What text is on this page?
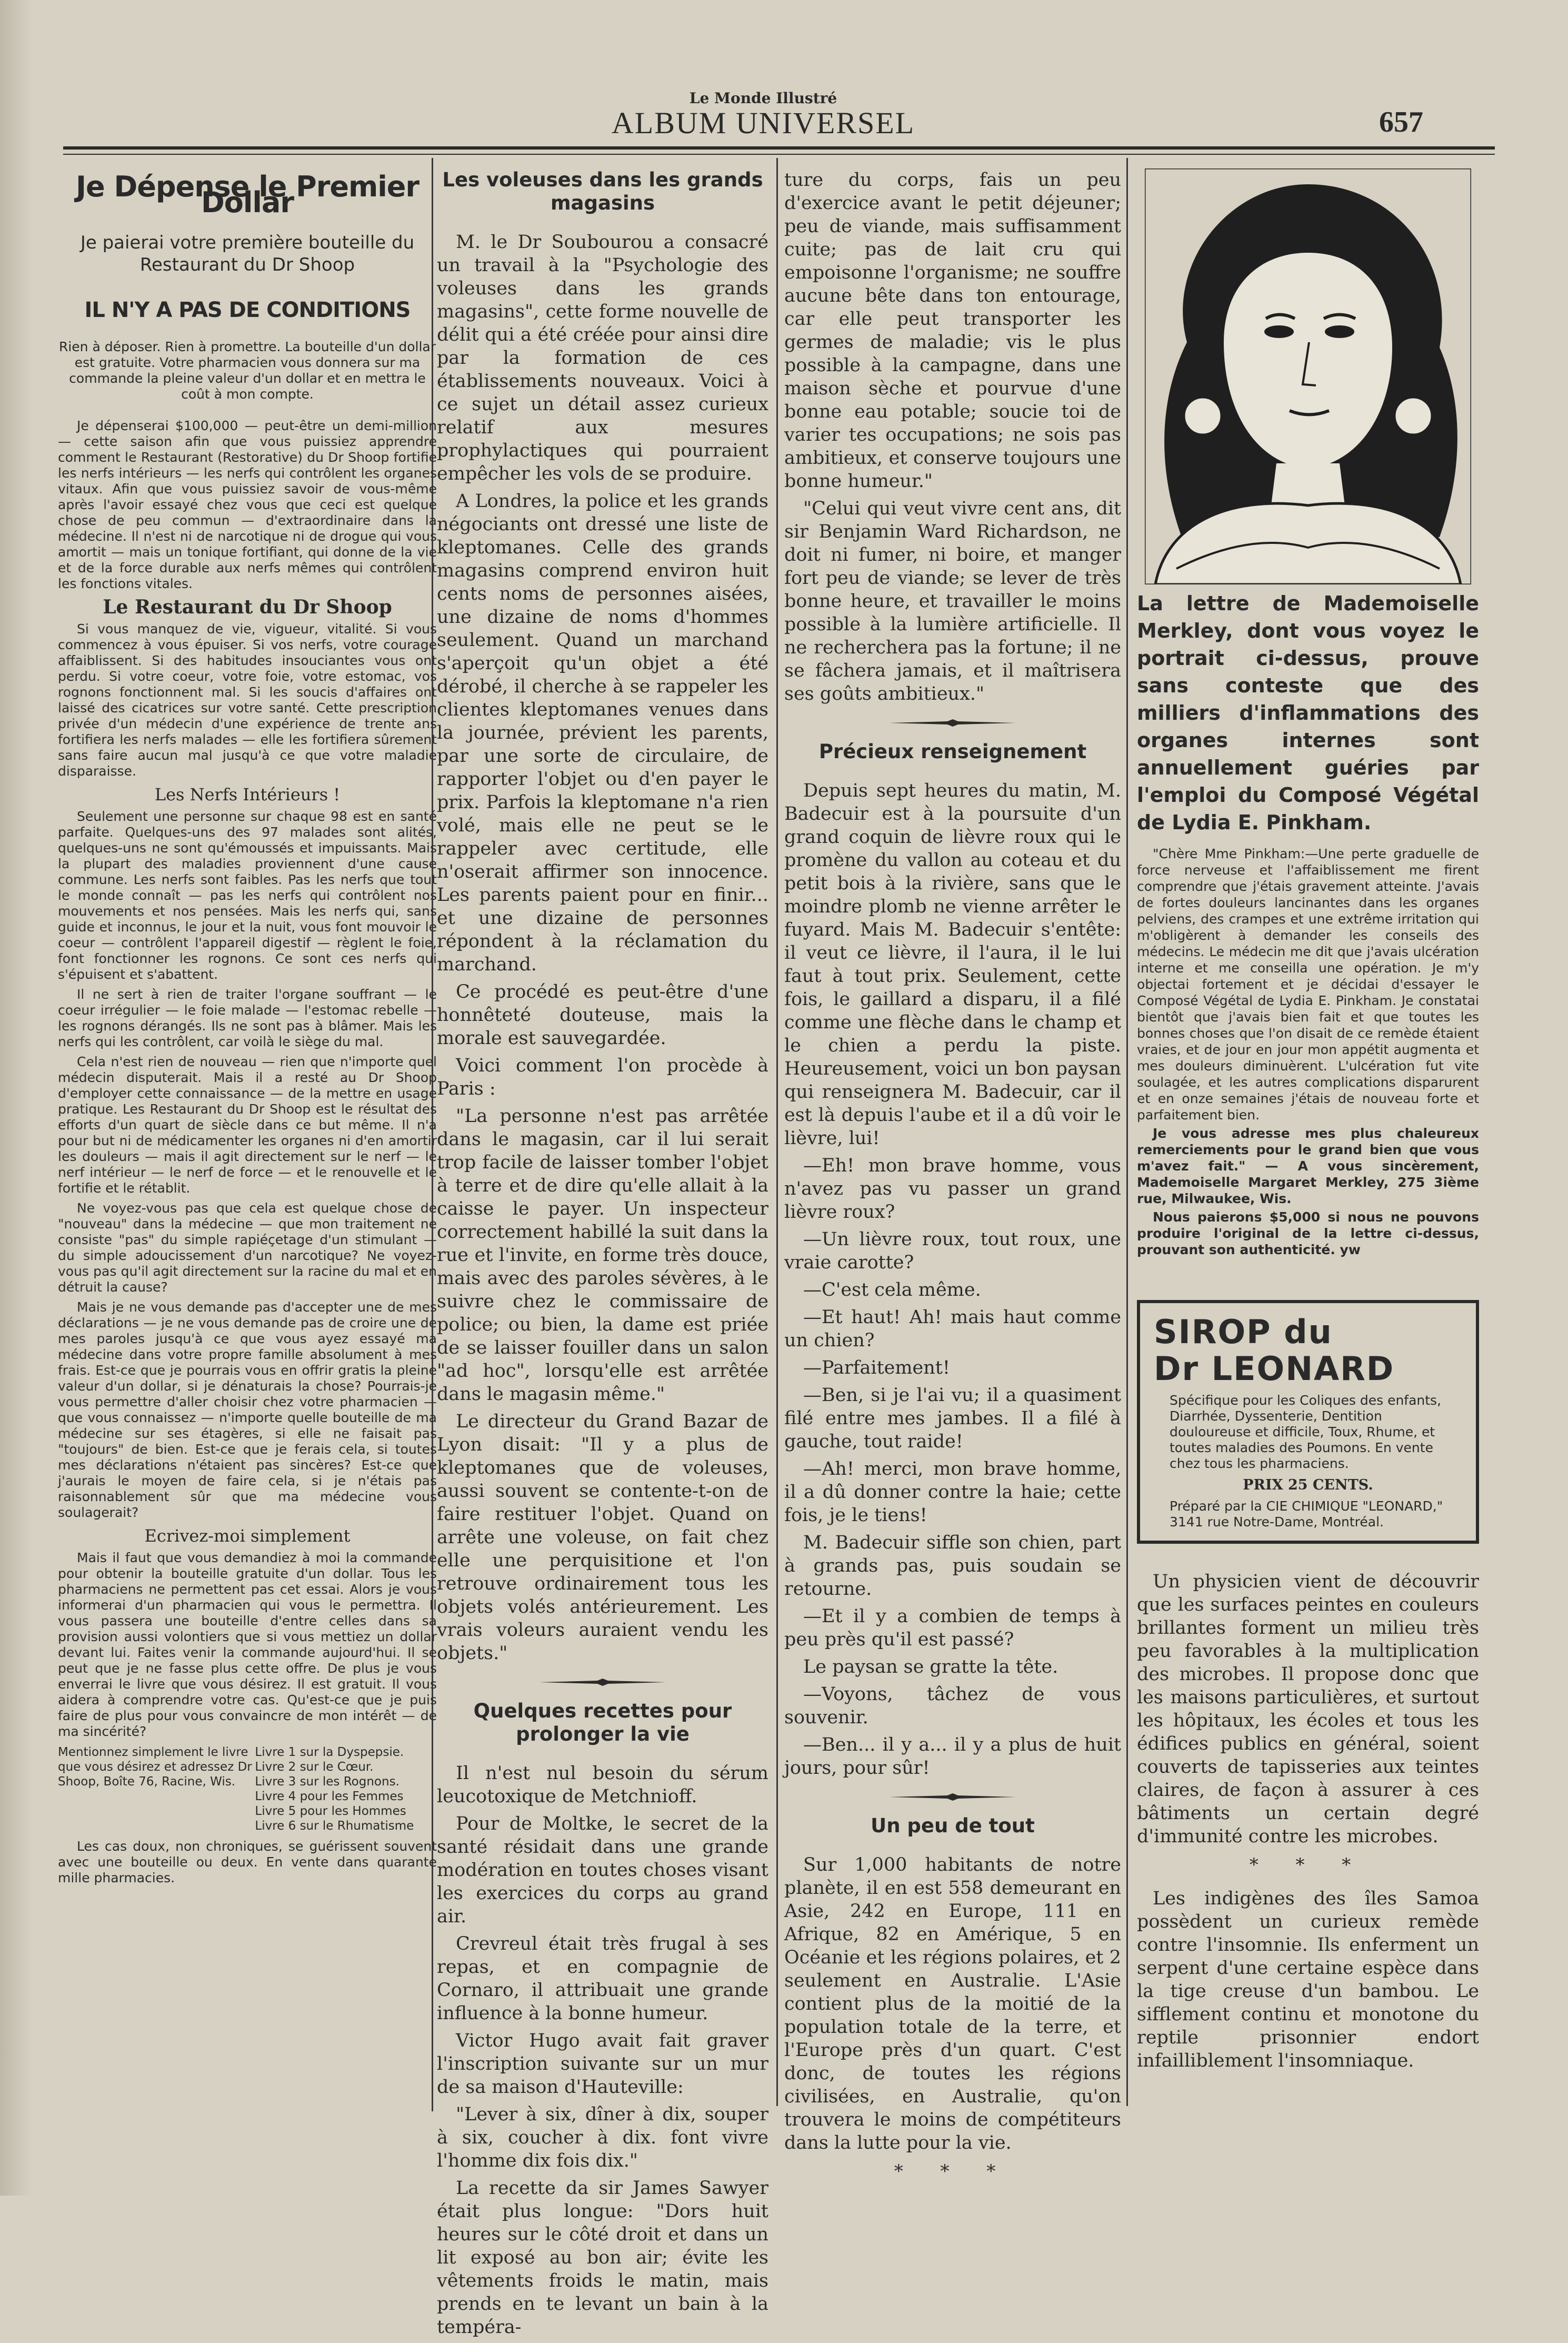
Le Monde Illustré
ALBUM UNIVERSEL	657
Je Dépense le Premier Dollar
Je paierai votre première bouteille du Restaurant du Dr Shoop
IL N'Y A PAS DE CONDITIONS

Rien à déposer. Rien à promettre. La bouteille d'un dollar est gratuite. Votre pharmacien vous donnera sur ma commande la pleine valeur d'un dollar et en mettra le coût à mon compte.

Je dépenserai $100,000 — peut-être un demi-million — cette saison afin que vous puissiez apprendre comment le Restaurant (Restorative) du Dr Shoop fortifie les nerfs intérieurs — les nerfs qui contrôlent les organes vitaux. Afin que vous puissiez savoir de vous-même après l'avoir essayé chez vous que ceci est quelque chose de peu commun — d'extraordinaire dans la médecine. Il n'est ni de narcotique ni de drogue qui vous amortit — mais un tonique fortifiant, qui donne de la vie et de la force durable aux nerfs mêmes qui contrôlent les fonctions vitales.

Le Restaurant du Dr Shoop

Si vous manquez de vie, vigueur, vitalité. Si vous commencez à vous épuiser. Si vos nerfs, votre courage affaiblissent. Si des habitudes insouciantes vous ont perdu. Si votre coeur, votre foie, votre estomac, vos rognons fonctionnent mal. Si les soucis d'affaires ont laissé des cicatrices sur votre santé. Cette prescription privée d'un médecin d'une expérience de trente ans fortifiera les nerfs malades — elle les fortifiera sûrement sans faire aucun mal jusqu'à ce que votre maladie disparaisse.

Les Nerfs Intérieurs !

Seulement une personne sur chaque 98 est en santé parfaite. Quelques-uns des 97 malades sont alités, quelques-uns ne sont qu'émoussés et impuissants. Mais la plupart des maladies proviennent d'une cause commune. Les nerfs sont faibles. Pas les nerfs que tout le monde connaît — pas les nerfs qui contrôlent nos mouvements et nos pensées. Mais les nerfs qui, sans guide et inconnus, le jour et la nuit, vous font mouvoir le coeur — contrôlent l'appareil digestif — règlent le foie, font fonctionner les rognons. Ce sont ces nerfs qui s'épuisent et s'abattent.

Il ne sert à rien de traiter l'organe souffrant — le coeur irrégulier — le foie malade — l'estomac rebelle — les rognons dérangés. Ils ne sont pas à blâmer. Mais les nerfs qui les contrôlent, car voilà le siège du mal.

Cela n'est rien de nouveau — rien que n'importe quel médecin disputerait. Mais il a resté au Dr Shoop d'employer cette connaissance — de la mettre en usage pratique. Les Restaurant du Dr Shoop est le résultat des efforts d'un quart de siècle dans ce but même. Il n'a pour but ni de médicamenter les organes ni d'en amortir les douleurs — mais il agit directement sur le nerf — le nerf intérieur — le nerf de force — et le renouvelle et le fortifie et le rétablit.

Ne voyez-vous pas que cela est quelque chose de "nouveau" dans la médecine — que mon traitement ne consiste "pas" du simple rapiéçetage d'un stimulant — du simple adoucissement d'un narcotique? Ne voyez-vous pas qu'il agit directement sur la racine du mal et en détruit la cause?

Mais je ne vous demande pas d'accepter une de mes déclarations — je ne vous demande pas de croire une de mes paroles jusqu'à ce que vous ayez essayé ma médecine dans votre propre famille absolument à mes frais. Est-ce que je pourrais vous en offrir gratis la pleine valeur d'un dollar, si je dénaturais la chose? Pourrais-je vous permettre d'aller choisir chez votre pharmacien — que vous connaissez — n'importe quelle bouteille de ma médecine sur ses étagères, si elle ne faisait pas "toujours" de bien. Est-ce que je ferais cela, si toutes mes déclarations n'étaient pas sincères? Est-ce que j'aurais le moyen de faire cela, si je n'étais pas raisonnablement sûr que ma médecine vous soulagerait?

Ecrivez-moi simplement

Mais il faut que vous demandiez à moi la commande pour obtenir la bouteille gratuite d'un dollar. Tous les pharmaciens ne permettent pas cet essai. Alors je vous informerai d'un pharmacien qui vous le permettra. Il vous passera une bouteille d'entre celles dans sa provision aussi volontiers que si vous mettiez un dollar devant lui. Faites venir la commande aujourd'hui. Il se peut que je ne fasse plus cette offre. De plus je vous enverrai le livre que vous désirez. Il est gratuit. Il vous aidera à comprendre votre cas. Qu'est-ce que je puis faire de plus pour vous convaincre de mon intérêt — de ma sincérité?

Mentionnez simplement le livre que vous désirez et adressez Dr Shoop, Boîte 76, Racine, Wis.
Livre 1 sur la Dyspepsie.
Livre 2 sur le Cœur.
Livre 3 sur les Rognons.
Livre 4 pour les Femmes
Livre 5 pour les Hommes
Livre 6 sur le Rhumatisme

Les cas doux, non chroniques, se guérissent souvent avec une bouteille ou deux. En vente dans quarante mille pharmacies.

Les voleuses dans les grands magasins

M. le Dr Soubourou a consacré un travail à la "Psychologie des voleuses dans les grands magasins", cette forme nouvelle de délit qui a été créée pour ainsi dire par la formation de ces établissements nouveaux. Voici à ce sujet un détail assez curieux relatif aux mesures prophylactiques qui pourraient empêcher les vols de se produire.

A Londres, la police et les grands négociants ont dressé une liste de kleptomanes. Celle des grands magasins comprend environ huit cents noms de personnes aisées, une dizaine de noms d'hommes seulement. Quand un marchand s'aperçoit qu'un objet a été dérobé, il cherche à se rappeler les clientes kleptomanes venues dans la journée, prévient les parents, par une sorte de circulaire, de rapporter l'objet ou d'en payer le prix. Parfois la kleptomane n'a rien volé, mais elle ne peut se le rappeler avec certitude, elle n'oserait affirmer son innocence. Les parents paient pour en finir... et une dizaine de personnes répondent à la réclamation du marchand.

Ce procédé es peut-être d'une honnêteté douteuse, mais la morale est sauvegardée.

Voici comment l'on procède à Paris :

"La personne n'est pas arrêtée dans le magasin, car il lui serait trop facile de laisser tomber l'objet à terre et de dire qu'elle allait à la caisse le payer. Un inspecteur correctement habillé la suit dans la rue et l'invite, en forme très douce, mais avec des paroles sévères, à le suivre chez le commissaire de police; ou bien, la dame est priée de se laisser fouiller dans un salon "ad hoc", lorsqu'elle est arrêtée dans le magasin même."

Le directeur du Grand Bazar de Lyon disait: "Il y a plus de kleptomanes que de voleuses, aussi souvent se contente-t-on de faire restituer l'objet. Quand on arrête une voleuse, on fait chez elle une perquisitione et l'on retrouve ordinairement tous les objets volés antérieurement. Les vrais voleurs auraient vendu les objets."

Quelques recettes pour prolonger la vie

Il n'est nul besoin du sérum leucotoxique de Metchnioff.

Pour de Moltke, le secret de la santé résidait dans une grande modération en toutes choses visant les exercices du corps au grand air.

Crevreul était très frugal à ses repas, et en compagnie de Cornaro, il attribuait une grande influence à la bonne humeur.

Victor Hugo avait fait graver l'inscription suivante sur un mur de sa maison d'Hauteville:

"Lever à six, dîner à dix, souper à six, coucher à dix. font vivre l'homme dix fois dix."

La recette da sir James Sawyer était plus longue: "Dors huit heures sur le côté droit et dans un lit exposé au bon air; évite les vêtements froids le matin, mais prends en te levant un bain à la tempéra-

ture du corps, fais un peu d'exercice avant le petit déjeuner; peu de viande, mais suffisamment cuite; pas de lait cru qui empoisonne l'organisme; ne souffre aucune bête dans ton entourage, car elle peut transporter les germes de maladie; vis le plus possible à la campagne, dans une maison sèche et pourvue d'une bonne eau potable; soucie toi de varier tes occupations; ne sois pas ambitieux, et conserve toujours une bonne humeur."

"Celui qui veut vivre cent ans, dit sir Benjamin Ward Richardson, ne doit ni fumer, ni boire, et manger fort peu de viande; se lever de très bonne heure, et travailler le moins possible à la lumière artificielle. Il ne recherchera pas la fortune; il ne se fâchera jamais, et il maîtrisera ses goûts ambitieux."

Précieux renseignement

Depuis sept heures du matin, M. Badecuir est à la poursuite d'un grand coquin de lièvre roux qui le promène du vallon au coteau et du petit bois à la rivière, sans que le moindre plomb ne vienne arrêter le fuyard. Mais M. Badecuir s'entête: il veut ce lièvre, il l'aura, il le lui faut à tout prix. Seulement, cette fois, le gaillard a disparu, il a filé comme une flèche dans le champ et le chien a perdu la piste. Heureusement, voici un bon paysan qui renseignera M. Badecuir, car il est là depuis l'aube et il a dû voir le lièvre, lui!

—Eh! mon brave homme, vous n'avez pas vu passer un grand lièvre roux?

—Un lièvre roux, tout roux, une vraie carotte?

—C'est cela même.

—Et haut! Ah! mais haut comme un chien?

—Parfaitement!

—Ben, si je l'ai vu; il a quasiment filé entre mes jambes. Il a filé à gauche, tout raide!

—Ah! merci, mon brave homme, il a dû donner contre la haie; cette fois, je le tiens!

M. Badecuir siffle son chien, part à grands pas, puis soudain se retourne.

—Et il y a combien de temps à peu près qu'il est passé?

Le paysan se gratte la tête.

—Voyons, tâchez de vous souvenir.

—Ben... il y a... il y a plus de huit jours, pour sûr!

Un peu de tout

Sur 1,000 habitants de notre planète, il en est 558 demeurant en Asie, 242 en Europe, 111 en Afrique, 82 en Amérique, 5 en Océanie et les régions polaires, et 2 seulement en Australie. L'Asie contient plus de la moitié de la population totale de la terre, et l'Europe près d'un quart. C'est donc, de toutes les régions civilisées, en Australie, qu'on trouvera le moins de compétiteurs dans la lutte pour la vie.

* * *
La lettre de Mademoiselle Merkley, dont vous voyez le portrait ci-dessus, prouve sans conteste que des milliers d'inflammations des organes internes sont annuellement guéries par l'emploi du Composé Végétal de Lydia E. Pinkham.

"Chère Mme Pinkham:—Une perte graduelle de force nerveuse et l'affaiblissement me firent comprendre que j'étais gravement atteinte. J'avais de fortes douleurs lancinantes dans les organes pelviens, des crampes et une extrême irritation qui m'obligèrent à demander les conseils des médecins. Le médecin me dit que j'avais ulcération interne et me conseilla une opération. Je m'y objectai fortement et je décidai d'essayer le Composé Végétal de Lydia E. Pinkham. Je constatai bientôt que j'avais bien fait et que toutes les bonnes choses que l'on disait de ce remède étaient vraies, et de jour en jour mon appétit augmenta et mes douleurs diminuèrent. L'ulcération fut vite soulagée, et les autres complications disparurent et en onze semaines j'étais de nouveau forte et parfaitement bien.

Je vous adresse mes plus chaleureux remerciements pour le grand bien que vous m'avez fait." — A vous sincèrement, Mademoiselle Margaret Merkley, 275 3ième rue, Milwaukee, Wis.

Nous paierons $5,000 si nous ne pouvons produire l'original de la lettre ci-dessus, prouvant son authenticité. yw

SIROP du
Dr LEONARD
Spécifique pour les Coliques des enfants, Diarrhée, Dyssenterie, Dentition douloureuse et difficile, Toux, Rhume, et toutes maladies des Poumons. En vente chez tous les pharmaciens.
PRIX 25 CENTS.
Préparé par la CIE CHIMIQUE "LEONARD," 3141 rue Notre-Dame, Montréal.

Un physicien vient de découvrir que les surfaces peintes en couleurs brillantes forment un milieu très peu favorables à la multiplication des microbes. Il propose donc que les maisons particulières, et surtout les hôpitaux, les écoles et tous les édifices publics en général, soient couverts de tapisseries aux teintes claires, de façon à assurer à ces bâtiments un certain degré d'immunité contre les microbes.

* * *

Les indigènes des îles Samoa possèdent un curieux remède contre l'insomnie. Ils enferment un serpent d'une certaine espèce dans la tige creuse d'un bambou. Le sifflement continu et monotone du reptile prisonnier endort infailliblement l'insomniaque.
